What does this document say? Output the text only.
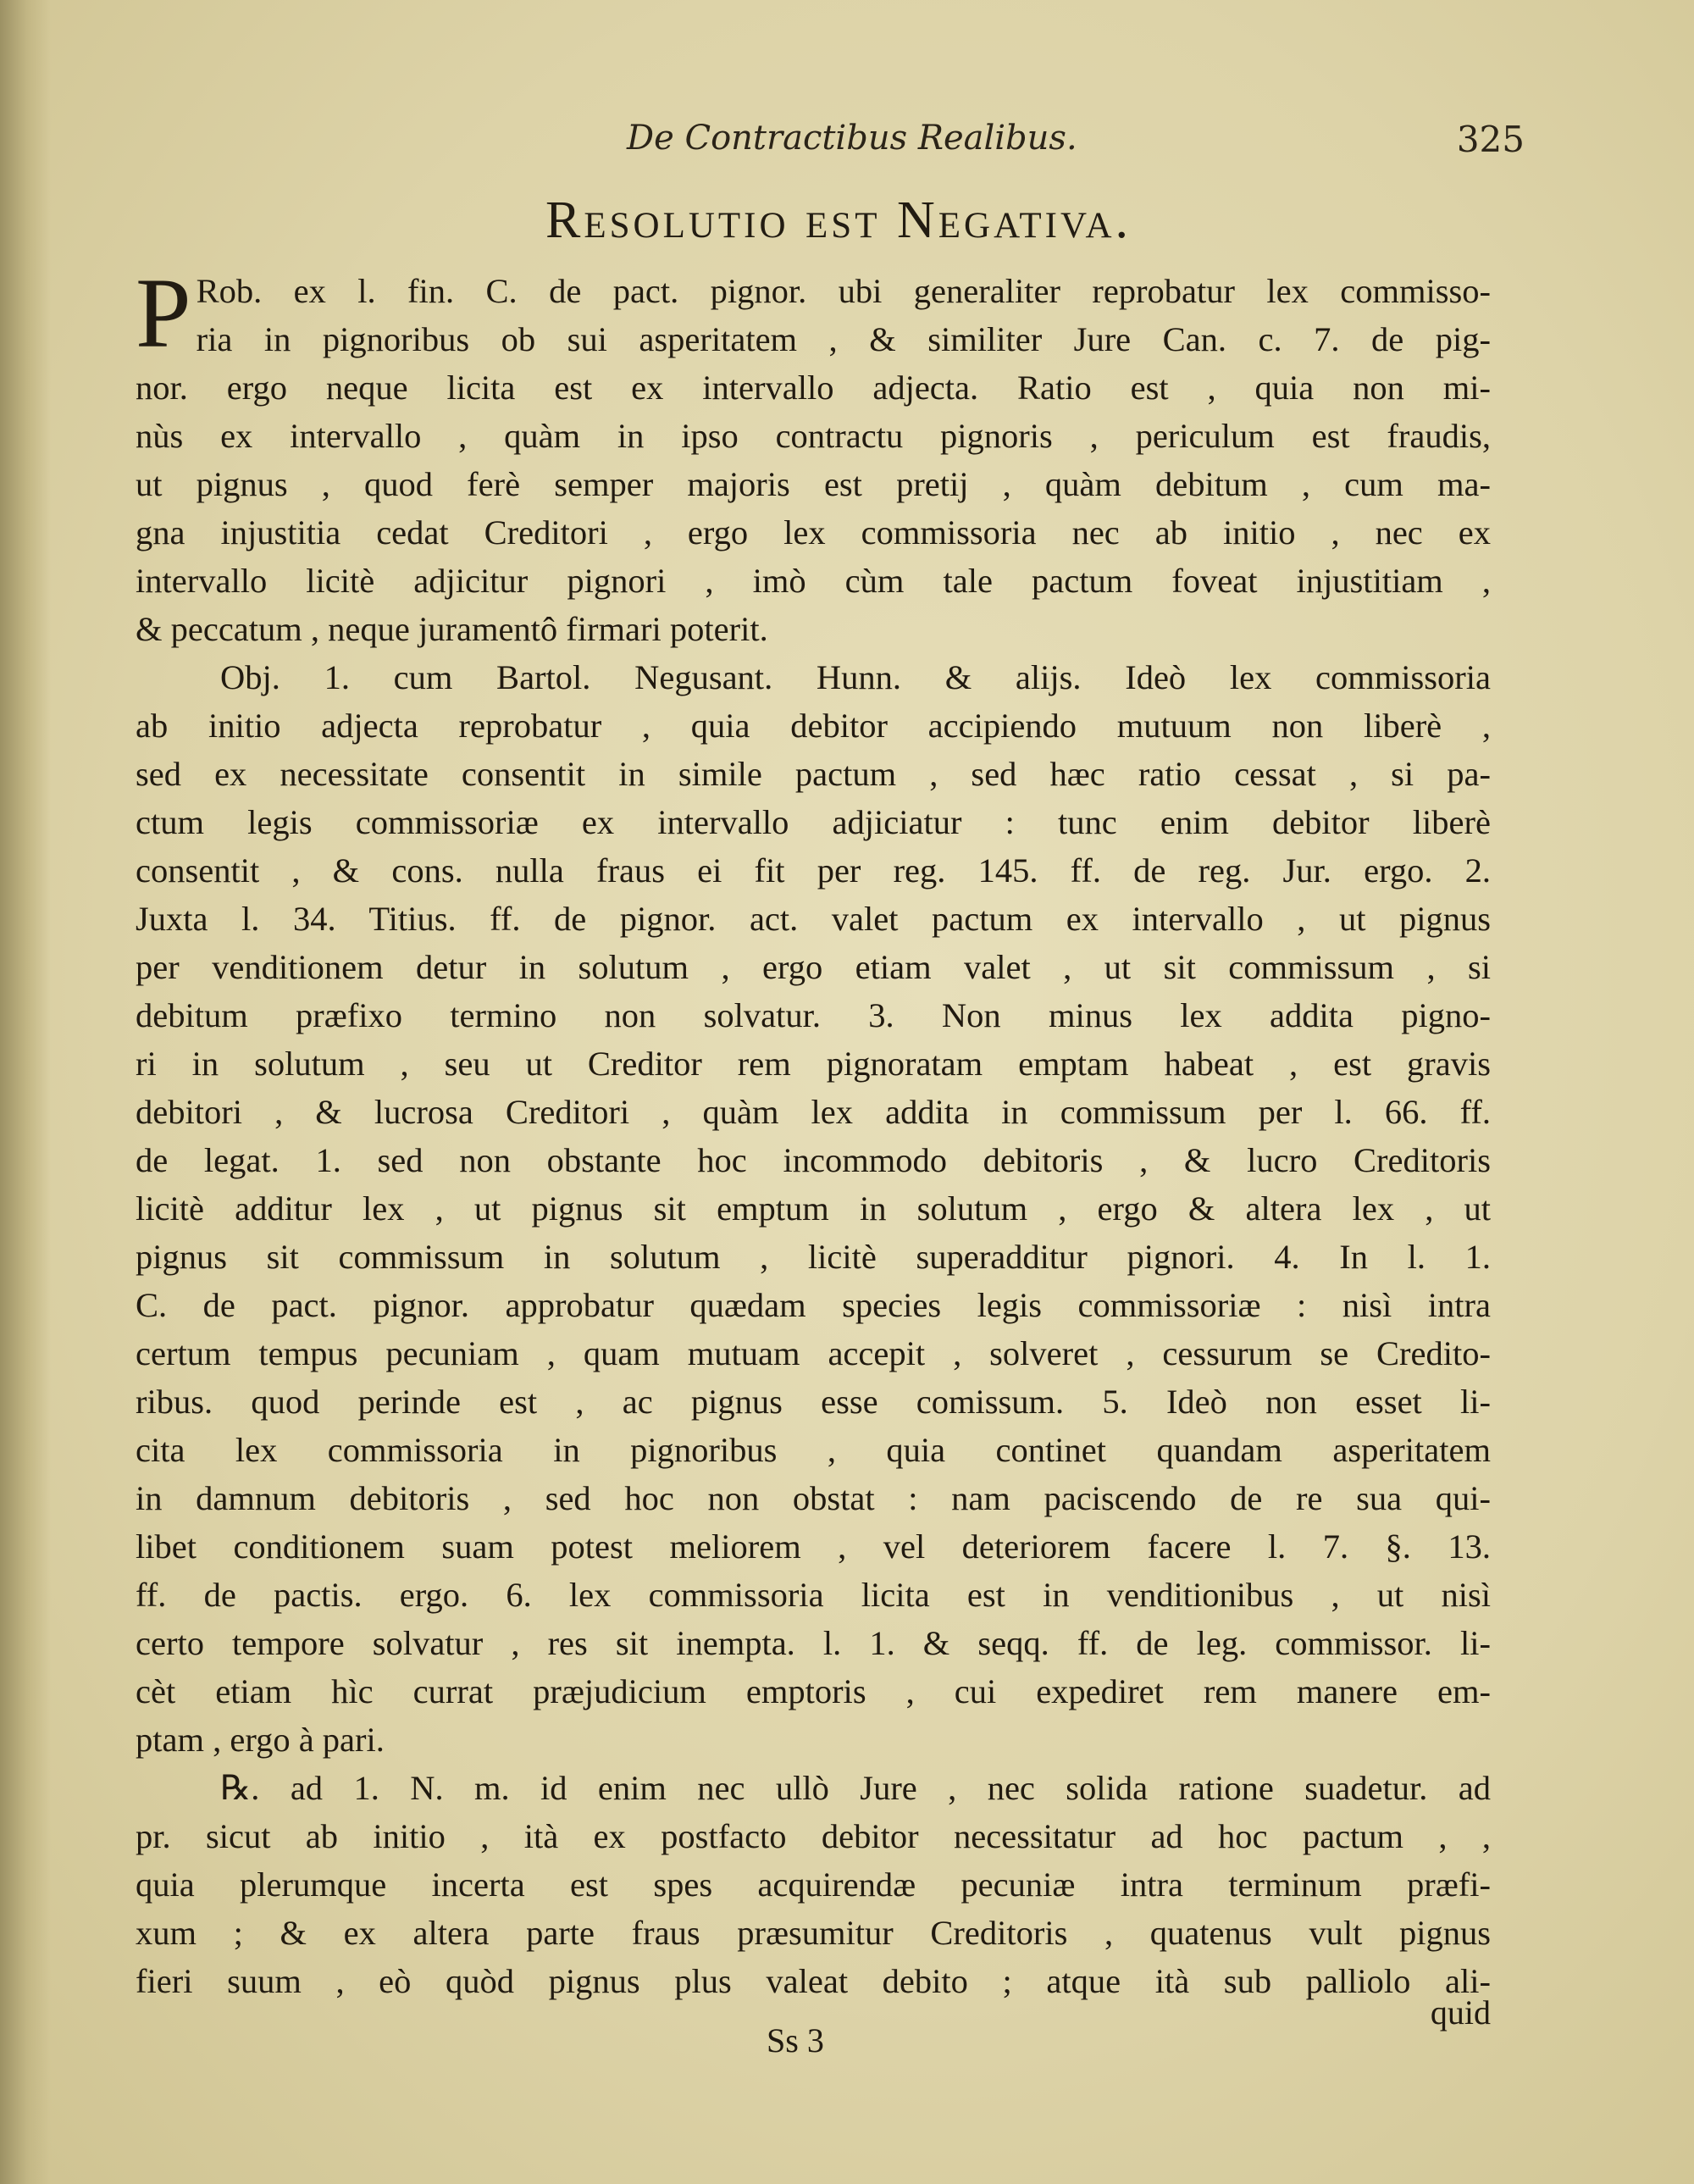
De Contractibus Realibus.	325
Resolutio est Negativa.
P Rob. ex l. fin. C. de pact. pignor. ubi generaliter reprobatur lex commisso-
ria in pignoribus ob sui asperitatem , & similiter Jure Can. c. 7. de pig-
nor. ergo neque licita est ex intervallo adjecta. Ratio est , quia non mi-
nùs ex intervallo , quàm in ipso contractu pignoris , periculum est fraudis,
ut pignus , quod ferè semper majoris est pretij , quàm debitum , cum ma-
gna injustitia cedat Creditori , ergo lex commissoria nec ab initio , nec ex
intervallo licitè adjicitur pignori , imò cùm tale pactum foveat injustitiam ,
& peccatum , neque juramentô firmari poterit.
Obj. 1. cum Bartol. Negusant. Hunn. & alijs. Ideò lex commissoria
ab initio adjecta reprobatur , quia debitor accipiendo mutuum non liberè ,
sed ex necessitate consentit in simile pactum , sed hæc ratio cessat , si pa-
ctum legis commissoriæ ex intervallo adjiciatur : tunc enim debitor liberè
consentit , & cons. nulla fraus ei fit per reg. 145. ff. de reg. Jur. ergo. 2.
Juxta l. 34. Titius. ff. de pignor. act. valet pactum ex intervallo , ut pignus
per venditionem detur in solutum , ergo etiam valet , ut sit commissum , si
debitum præfixo termino non solvatur. 3. Non minus lex addita pigno-
ri in solutum , seu ut Creditor rem pignoratam emptam habeat , est gravis
debitori , & lucrosa Creditori , quàm lex addita in commissum per l. 66. ff.
de legat. 1. sed non obstante hoc incommodo debitoris , & lucro Creditoris
licitè additur lex , ut pignus sit emptum in solutum , ergo & altera lex , ut
pignus sit commissum in solutum , licitè superadditur pignori. 4. In l. 1.
C. de pact. pignor. approbatur quædam species legis commissoriæ : nisì intra
certum tempus pecuniam , quam mutuam accepit , solveret , cessurum se Credito-
ribus. quod perinde est , ac pignus esse comissum. 5. Ideò non esset li-
cita lex commissoria in pignoribus , quia continet quandam asperitatem
in damnum debitoris , sed hoc non obstat : nam paciscendo de re sua qui-
libet conditionem suam potest meliorem , vel deteriorem facere l. 7. §. 13.
ff. de pactis. ergo. 6. lex commissoria licita est in venditionibus , ut nisì
certo tempore solvatur , res sit inempta. l. 1. & seqq. ff. de leg. commissor. li-
cèt etiam hìc currat præjudicium emptoris , cui expediret rem manere em-
ptam , ergo à pari.
℞. ad 1. N. m. id enim nec ullò Jure , nec solida ratione suadetur. ad
pr. sicut ab initio , ità ex postfacto debitor necessitatur ad hoc pactum , ,
quia plerumque incerta est spes acquirendæ pecuniæ intra terminum præfi-
xum ; & ex altera parte fraus præsumitur Creditoris , quatenus vult pignus
fieri suum , eò quòd pignus plus valeat debito ; atque ità sub palliolo ali-
quid
Ss 3
